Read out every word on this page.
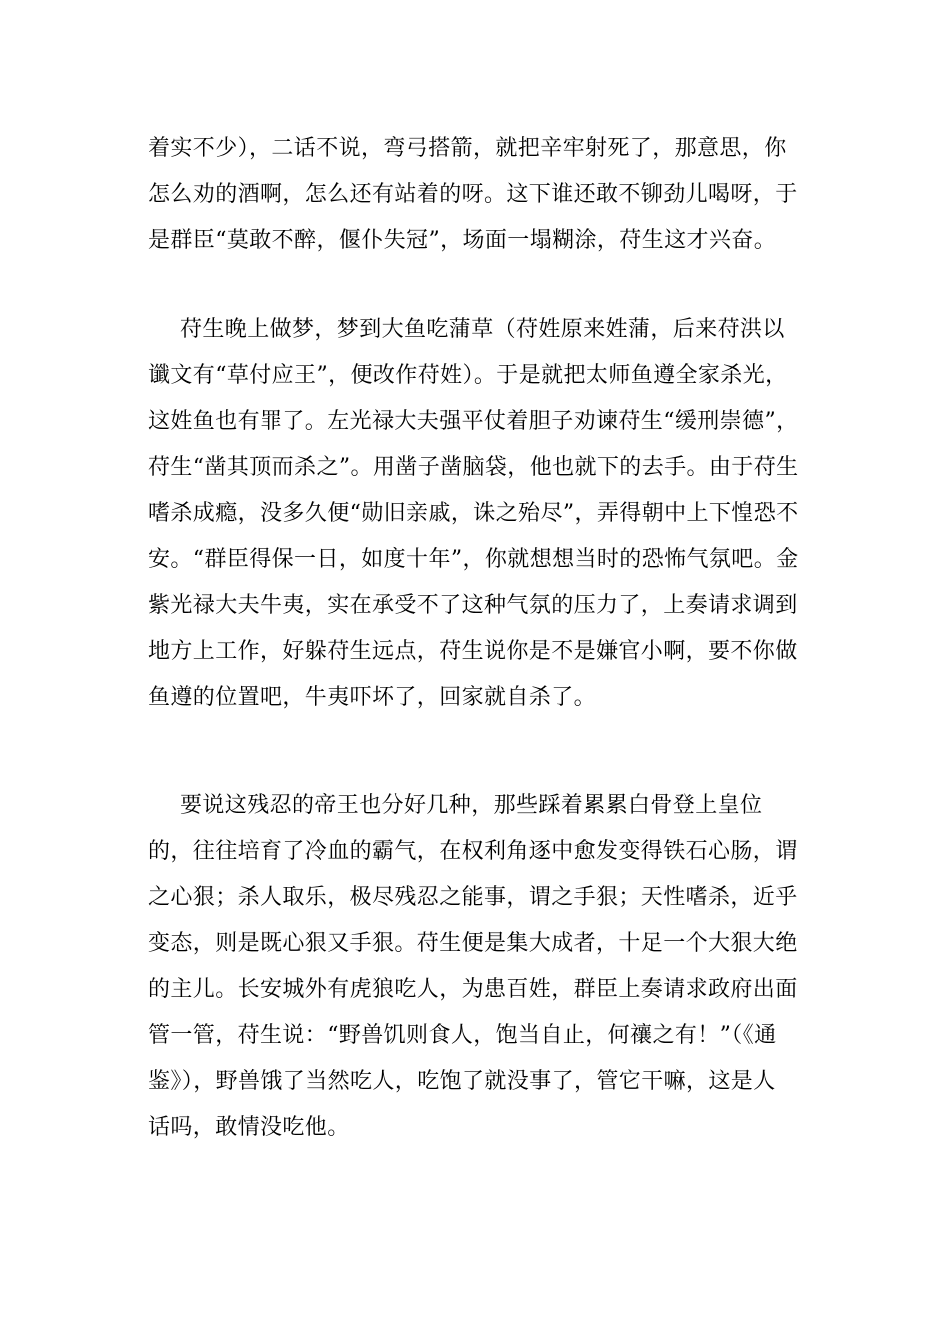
着实不少），二话不说，弯弓搭箭，就把辛牢射死了，那意思，你
怎么劝的酒啊，怎么还有站着的呀。这下谁还敢不铆劲儿喝呀，于
是群臣“莫敢不醉，偃仆失冠”，场面一塌糊涂，苻生这才兴奋。
苻生晚上做梦，梦到大鱼吃蒲草（苻姓原来姓蒲，后来苻洪以
谶文有“草付应王”，便改作苻姓）。于是就把太师鱼遵全家杀光，
这姓鱼也有罪了。左光禄大夫强平仗着胆子劝谏苻生“缓刑崇德”，
苻生“凿其顶而杀之”。用凿子凿脑袋，他也就下的去手。由于苻生
嗜杀成瘾，没多久便“勋旧亲戚，诛之殆尽”，弄得朝中上下惶恐不
安。“群臣得保一日，如度十年”，你就想想当时的恐怖气氛吧。金
紫光禄大夫牛夷，实在承受不了这种气氛的压力了，上奏请求调到
地方上工作，好躲苻生远点，苻生说你是不是嫌官小啊，要不你做
鱼遵的位置吧，牛夷吓坏了，回家就自杀了。
要说这残忍的帝王也分好几种，那些踩着累累白骨登上皇位
的，往往培育了冷血的霸气，在权利角逐中愈发变得铁石心肠，谓
之心狠；杀人取乐，极尽残忍之能事，谓之手狠；天性嗜杀，近乎
变态，则是既心狠又手狠。苻生便是集大成者，十足一个大狠大绝
的主儿。长安城外有虎狼吃人，为患百姓，群臣上奏请求政府出面
管一管，苻生说：“野兽饥则食人，饱当自止，何禳之有！”（《通
鉴》），野兽饿了当然吃人，吃饱了就没事了，管它干嘛，这是人
话吗，敢情没吃他。
